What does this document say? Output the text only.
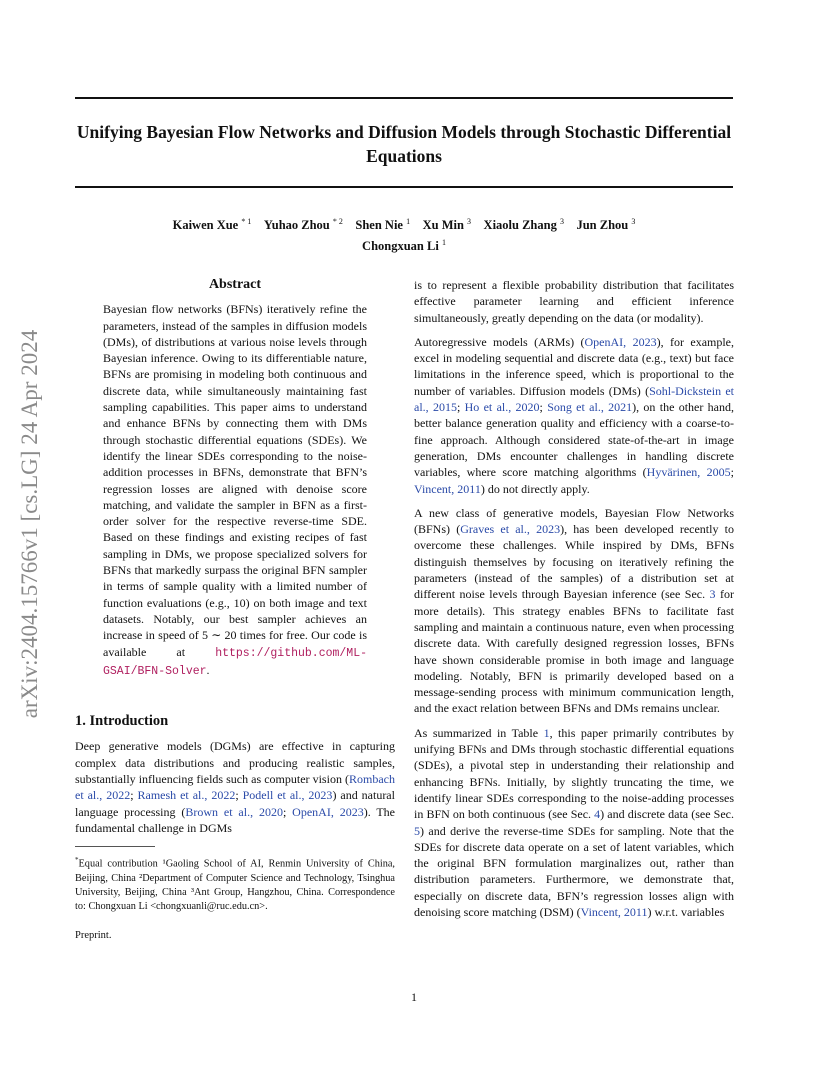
Unifying Bayesian Flow Networks and Diffusion Models through Stochastic Differential Equations
Kaiwen Xue $^{* 1}$  Yuhao Zhou $^{* 2}$  Shen Nie $^1$  Xu Min $^3$  Xiaolu Zhang $^3$  Jun Zhou $^3$
Chongxuan Li $^1$
arXiv:2404.15766v1 [cs.LG] 24 Apr 2024
Abstract
Bayesian flow networks (BFNs) iteratively refine the parameters, instead of the samples in diffusion models (DMs), of distributions at various noise levels through Bayesian inference. Owing to its differentiable nature, BFNs are promising in modeling both continuous and discrete data, while simultaneously maintaining fast sampling capabilities. This paper aims to understand and enhance BFNs by connecting them with DMs through stochastic differential equations (SDEs). We identify the linear SDEs corresponding to the noise-addition processes in BFNs, demonstrate that BFN’s regression losses are aligned with denoise score matching, and validate the sampler in BFN as a first-order solver for the respective reverse-time SDE. Based on these findings and existing recipes of fast sampling in DMs, we propose specialized solvers for BFNs that markedly surpass the original BFN sampler in terms of sample quality with a limited number of function evaluations (e.g., 10) on both image and text datasets. Notably, our best sampler achieves an increase in speed of 5 ∼ 20 times for free. Our code is available at	https://github.com/ML-GSAI/BFN-Solver.
1. Introduction

Deep generative models (DGMs) are effective in capturing complex data distributions and producing realistic samples, substantially influencing fields such as computer vision (Rombach et al., 2022; Ramesh et al., 2022; Podell et al., 2023) and natural language processing (Brown et al., 2020; OpenAI, 2023). The fundamental challenge in DGMs

*Equal contribution ¹Gaoling School of AI, Renmin University of China, Beijing, China ²Department of Computer Science and Technology, Tsinghua University, Beijing, China ³Ant Group, Hangzhou, China. Correspondence to: Chongxuan Li <chongxuanli@ruc.edu.cn>.
Preprint.

is to represent a flexible probability distribution that facilitates effective parameter learning and efficient inference simultaneously, greatly depending on the data (or modality).

Autoregressive models (ARMs) (OpenAI, 2023), for example, excel in modeling sequential and discrete data (e.g., text) but face limitations in the inference speed, which is proportional to the number of variables. Diffusion models (DMs) (Sohl-Dickstein et al., 2015; Ho et al., 2020; Song et al., 2021), on the other hand, better balance generation quality and efficiency with a coarse-to-fine approach. Although considered state-of-the-art in image generation, DMs encounter challenges in handling discrete variables, where score matching algorithms (Hyvärinen, 2005; Vincent, 2011) do not directly apply.

A new class of generative models, Bayesian Flow Networks (BFNs) (Graves et al., 2023), has been developed recently to overcome these challenges. While inspired by DMs, BFNs distinguish themselves by focusing on iteratively refining the parameters (instead of the samples) of a distribution set at different noise levels through Bayesian inference (see Sec. 3 for more details). This strategy enables BFNs to facilitate fast sampling and maintain a continuous nature, even when processing discrete data. With carefully designed regression losses, BFNs have shown considerable promise in both image and language modeling. Notably, BFN is primarily developed based on a message-sending process with minimum communication length, and the exact relation between BFNs and DMs remains unclear.

As summarized in Table 1, this paper primarily contributes by unifying BFNs and DMs through stochastic differential equations (SDEs), a pivotal step in understanding their relationship and enhancing BFNs. Initially, by slightly truncating the time, we identify linear SDEs corresponding to the noise-adding processes in BFN on both continuous (see Sec. 4) and discrete data (see Sec. 5) and derive the reverse-time SDEs for sampling. Note that the SDEs for discrete data operate on a set of latent variables, which the original BFN formulation marginalizes out, rather than distribution parameters. Furthermore, we demonstrate that, especially on discrete data, BFN’s regression losses align with denoising score matching (DSM) (Vincent, 2011) w.r.t. variables

1
